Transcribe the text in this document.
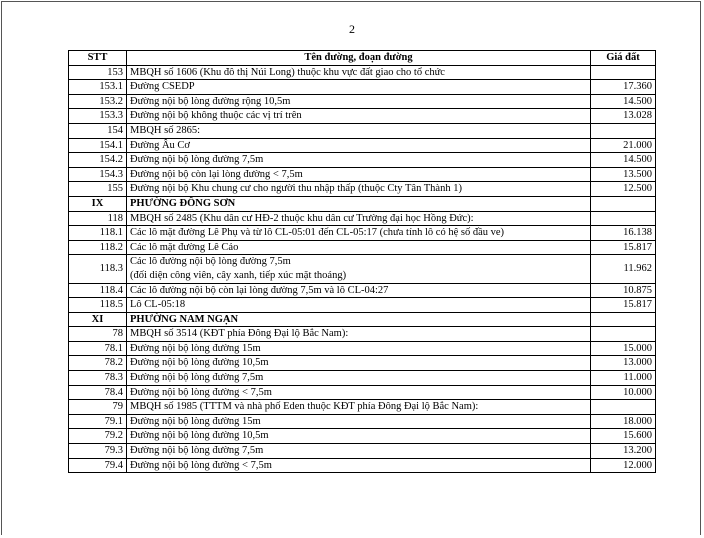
2
STT	Tên đường, đoạn đường	Giá đất
153	MBQH số 1606 (Khu đô thị Núi Long) thuộc khu vực đất giao cho tổ chức	
153.1	Đường CSEDP	17.360
153.2	Đường nội bộ lòng đường rộng 10,5m	14.500
153.3	Đường nội bộ không thuộc các vị trí trên	13.028
154	MBQH số 2865:	
154.1	Đường Âu Cơ	21.000
154.2	Đường nội bộ lòng đường 7,5m	14.500
154.3	Đường nội bộ còn lại lòng đường < 7,5m	13.500
155	Đường nội bộ Khu chung cư cho người thu nhập thấp (thuộc Cty Tân Thành 1)	12.500
IX	PHƯỜNG ĐÔNG SƠN	
118	MBQH số 2485 (Khu dân cư HĐ-2 thuộc khu dân cư Trường đại học Hồng Đức):	
118.1	Các lô mặt đường Lê Phụ và từ lô CL-05:01 đến CL-05:17 (chưa tính lô có hệ số đầu ve)	16.138
118.2	Các lô mặt đường Lê Cảo	15.817
118.3	Các lô đường nội bộ lòng đường 7,5m
(đối diện công viên, cây xanh, tiếp xúc mặt thoáng)	11.962
118.4	Các lô đường nội bộ còn lại lòng đường 7,5m và lô CL-04:27	10.875
118.5	Lô CL-05:18	15.817
XI	PHƯỜNG NAM NGẠN	
78	MBQH số 3514 (KĐT phía Đông Đại lộ Bắc Nam):	
78.1	Đường nội bộ lòng đường 15m	15.000
78.2	Đường nội bộ lòng đường 10,5m	13.000
78.3	Đường nội bộ lòng đường 7,5m	11.000
78.4	Đường nội bộ lòng đường < 7,5m	10.000
79	MBQH số 1985 (TTTM và nhà phố Eden thuộc KĐT phía Đông Đại lộ Bắc Nam):	
79.1	Đường nội bộ lòng đường 15m	18.000
79.2	Đường nội bộ lòng đường 10,5m	15.600
79.3	Đường nội bộ lòng đường 7,5m	13.200
79.4	Đường nội bộ lòng đường < 7,5m	12.000
